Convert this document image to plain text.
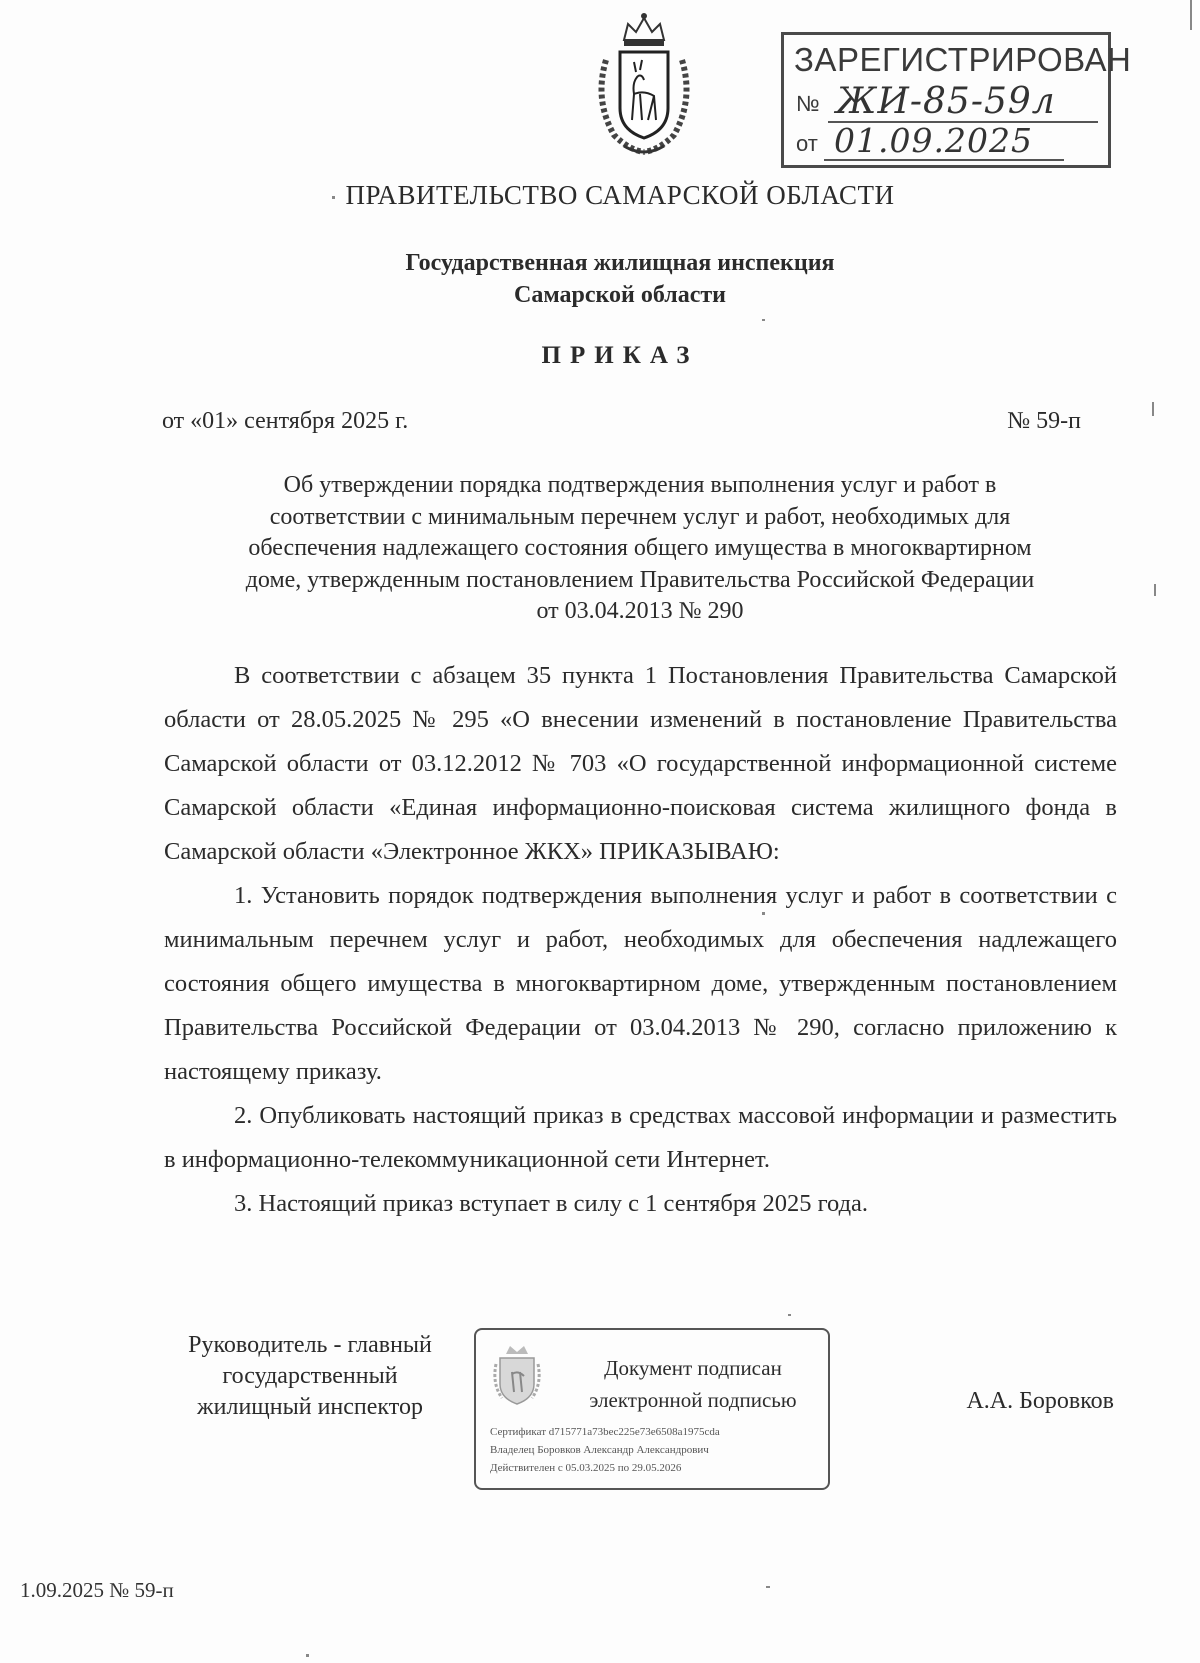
ЗАРЕГИСТРИРОВАН
№ ЖИ-85-59л
от 01.09.2025
ПРАВИТЕЛЬСТВО САМАРСКОЙ ОБЛАСТИ
Государственная жилищная инспекция
Самарской области
ПРИКАЗ
от «01» сентября 2025 г.	№ 59-п
Об утверждении порядка подтверждения выполнения услуг и работ в
соответствии с минимальным перечнем услуг и работ, необходимых для
обеспечения надлежащего состояния общего имущества в многоквартирном
доме, утвержденным постановлением Правительства Российской Федерации
от 03.04.2013 № 290

В соответствии с абзацем 35 пункта 1 Постановления Правительства Самарской области от 28.05.2025 № 295 «О внесении изменений в постановление Правительства Самарской области от 03.12.2012 № 703 «О государственной информационной системе Самарской области «Единая информационно-поисковая система жилищного фонда в Самарской области «Электронное ЖКХ» ПРИКАЗЫВАЮ:

1. Установить порядок подтверждения выполнения услуг и работ в соответствии с минимальным перечнем услуг и работ, необходимых для обеспечения надлежащего состояния общего имущества в многоквартирном доме, утвержденным постановлением Правительства Российской Федерации от 03.04.2013 № 290, согласно приложению к настоящему приказу.

2. Опубликовать настоящий приказ в средствах массовой информации и разместить в информационно-телекоммуникационной сети Интернет.

3. Настоящий приказ вступает в силу с 1 сентября 2025 года.

Руководитель - главный
государственный
жилищный инспектор
Документ подписан
электронной подписью
Сертификат d715771a73bec225e73e6508a1975cda
Владелец Боровков Александр Александрович
Действителен с 05.03.2025 по 29.05.2026
А.А. Боровков
1.09.2025 № 59-п
